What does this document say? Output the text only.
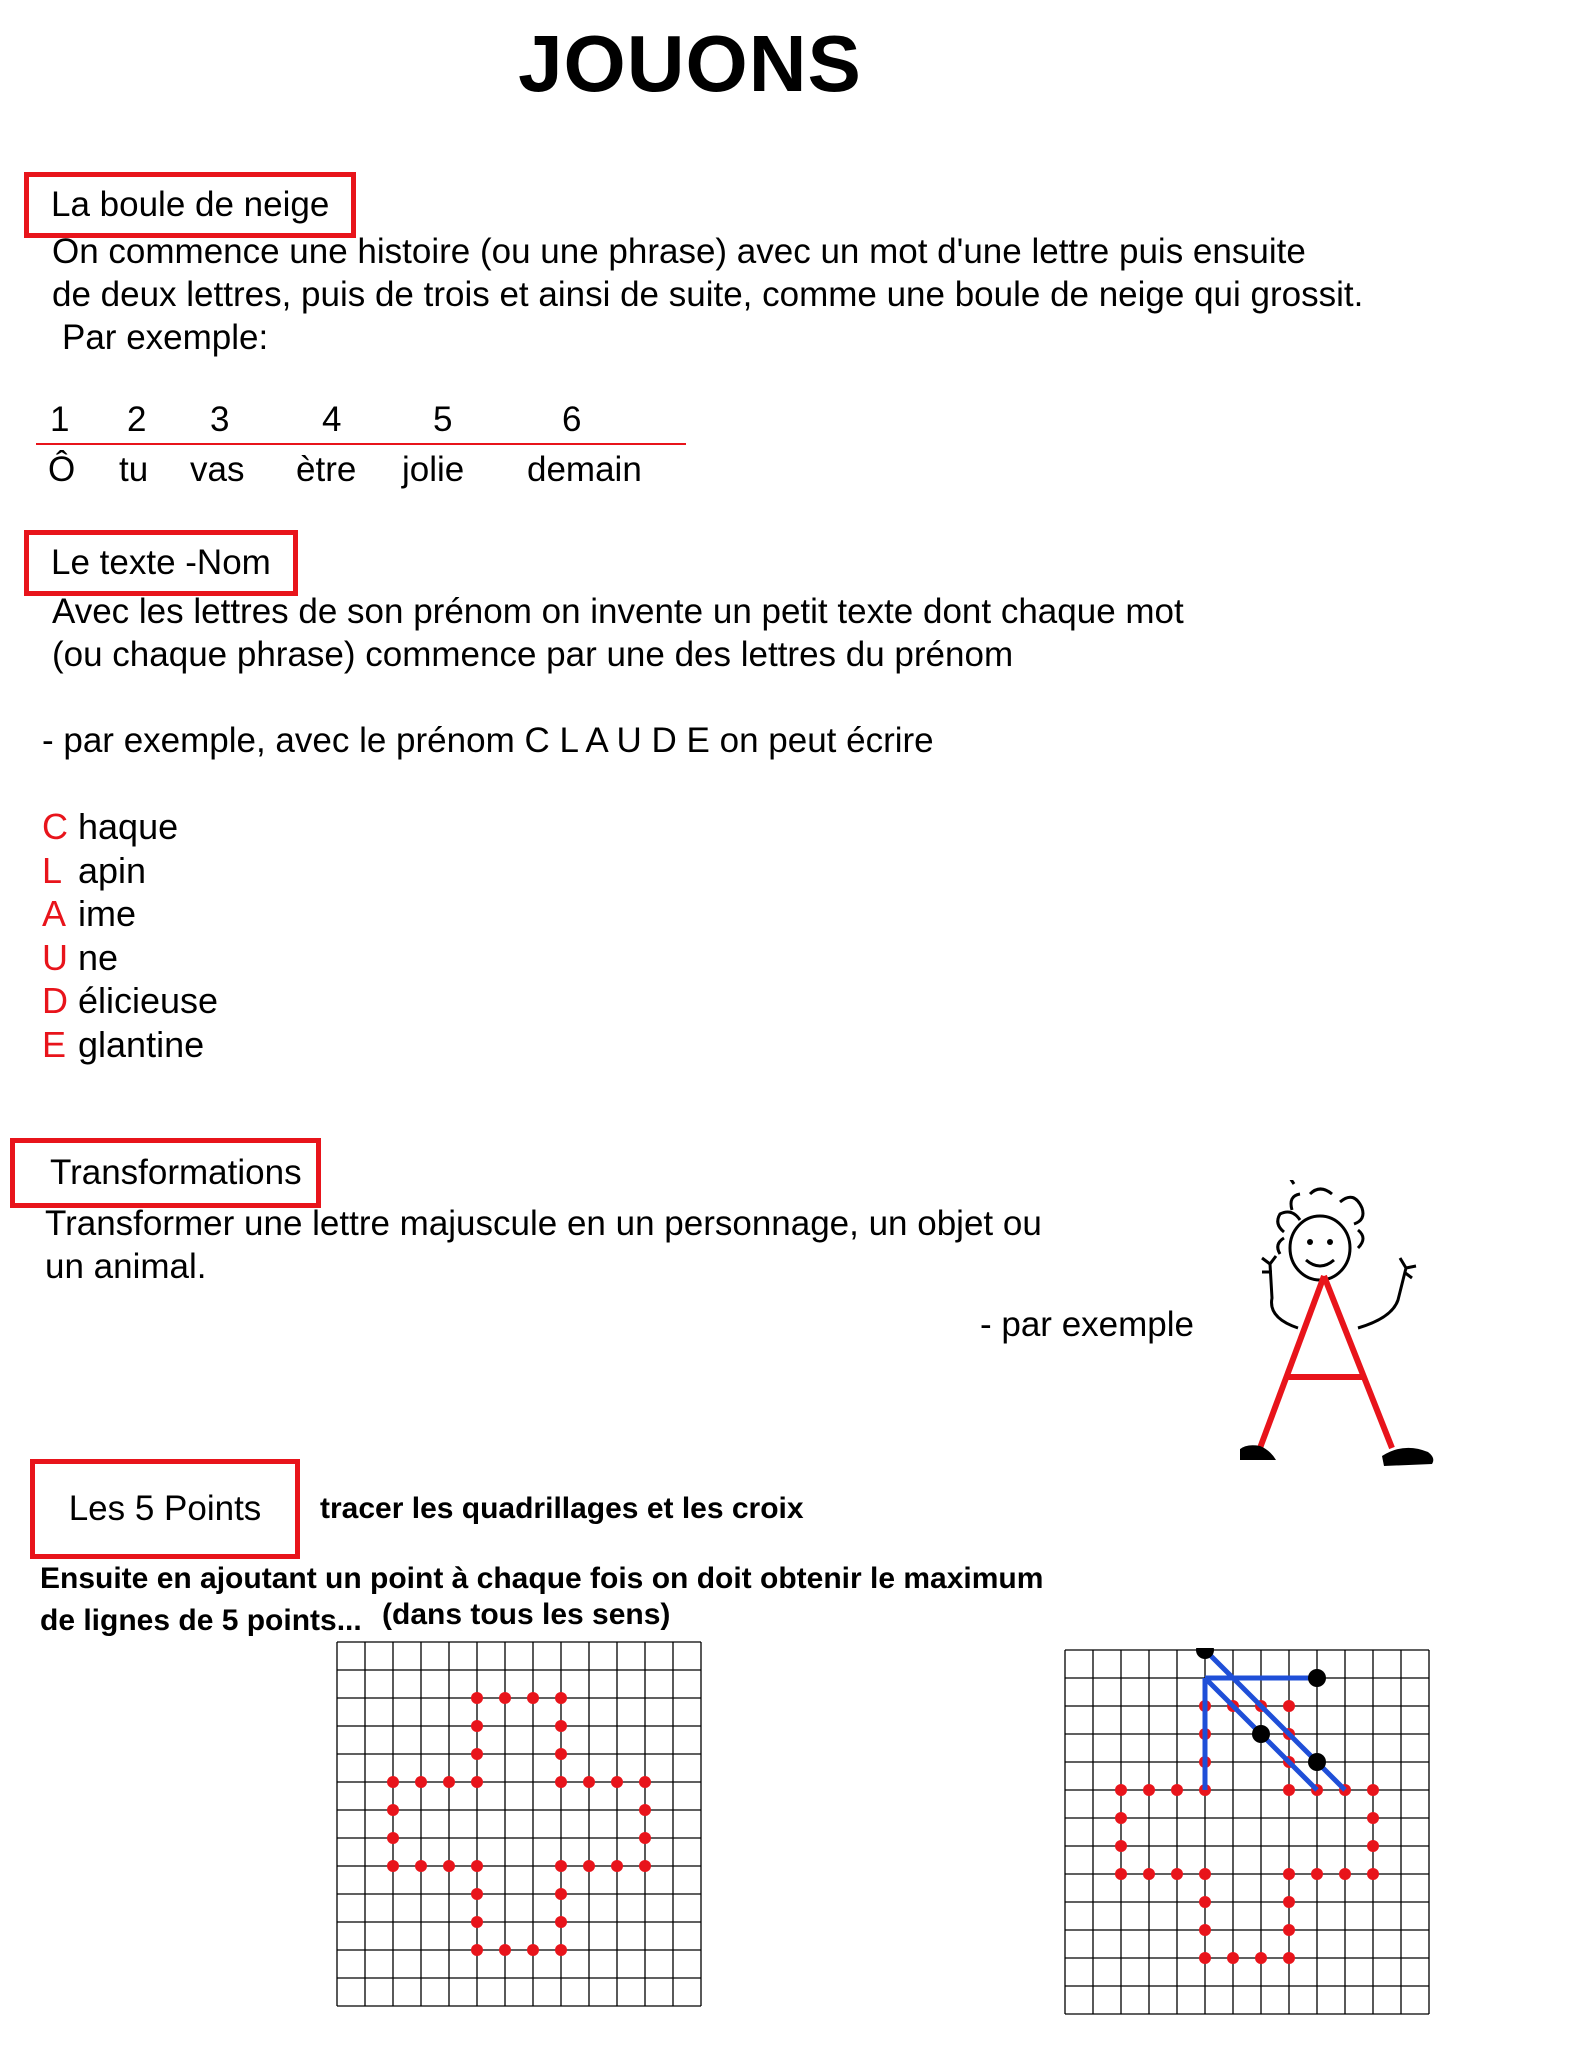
JOUONS
La boule de neige
On commence une histoire (ou une phrase) avec un mot d'une lettre puis ensuite
de deux lettres, puis de trois et ainsi de suite, comme une boule de neige qui grossit.
Par exemple:
1 2 3	4	5	6
Ô tu vas ètre jolie demain
Le texte -Nom
Avec les lettres de son prénom on invente un petit texte dont chaque mot
(ou chaque phrase) commence par une des lettres du prénom
- par exemple, avec le prénom C L A U D E on peut écrire
C haque
L apin
A ime
U ne
D élicieuse
E glantine
Transformations
Transformer une lettre majuscule en un personnage, un objet ou
un animal.
- par exemple
Les 5 Points tracer les quadrillages et les croix
Ensuite en ajoutant un point à chaque fois on doit obtenir le maximum
de lignes de 5 points... (dans tous les sens)
